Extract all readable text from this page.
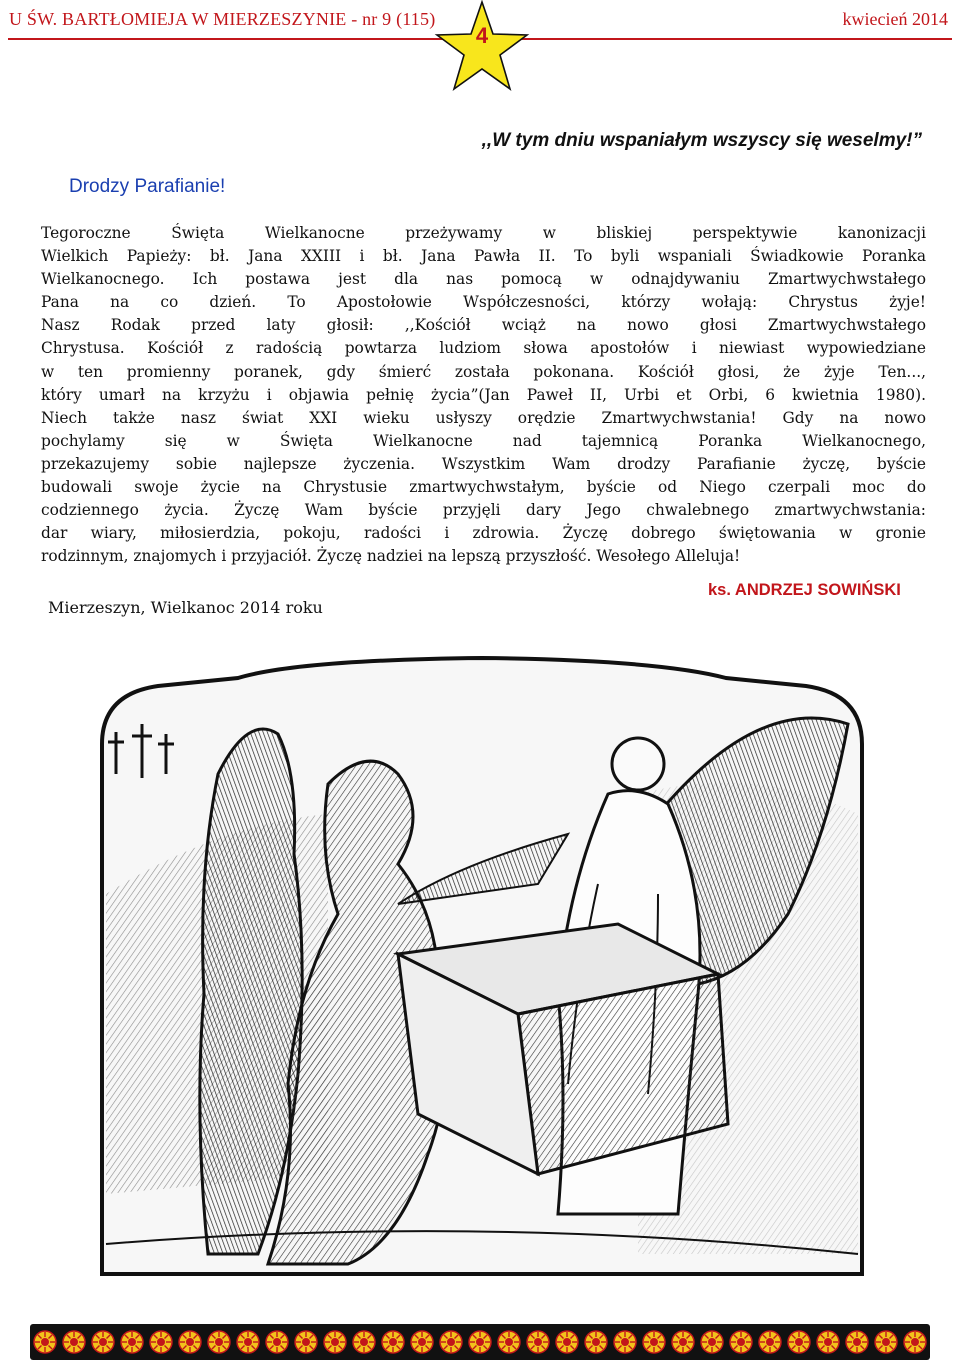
U ŚW. BARTŁOMIEJA W MIERZESZYNIE - nr 9 (115)	kwiecień 2014
4
,,W tym dniu wspaniałym wszyscy się weselmy!”
Drodzy Parafianie!
Tegoroczne Święta Wielkanocne przeżywamy w bliskiej perspektywie kanonizacji
Wielkich Papieży: bł. Jana XXIII i bł. Jana Pawła II. To byli wspaniali Świadkowie Poranka
Wielkanocnego. Ich postawa jest dla nas pomocą w odnajdywaniu Zmartwychwstałego
Pana na co dzień. To Apostołowie Współczesności, którzy wołają: Chrystus żyje!
Nasz Rodak przed laty głosił: ,,Kościół wciąż na nowo głosi Zmartwychwstałego
Chrystusa. Kościół z radością powtarza ludziom słowa apostołów i niewiast wypowiedziane
w ten promienny poranek, gdy śmierć została pokonana. Kościół głosi, że żyje Ten...,
który umarł na krzyżu i objawia pełnię życia”(Jan Paweł II, Urbi et Orbi, 6 kwietnia 1980).
Niech także nasz świat XXI wieku usłyszy orędzie Zmartwychwstania! Gdy na nowo
pochylamy się w Święta Wielkanocne nad tajemnicą Poranka Wielkanocnego,
przekazujemy sobie najlepsze życzenia. Wszystkim Wam drodzy Parafianie życzę, byście
budowali swoje życie na Chrystusie zmartwychwstałym, byście od Niego czerpali moc do
codziennego życia. Życzę Wam byście przyjęli dary Jego chwalebnego zmartwychwstania:
dar wiary, miłosierdzia, pokoju, radości i zdrowia. Życzę dobrego świętowania w gronie
rodzinnym, znajomych i przyjaciół. Życzę nadziei na lepszą przyszłość. Wesołego Alleluja!
Mierzeszyn, Wielkanoc 2014 roku
ks. ANDRZEJ SOWIŃSKI
